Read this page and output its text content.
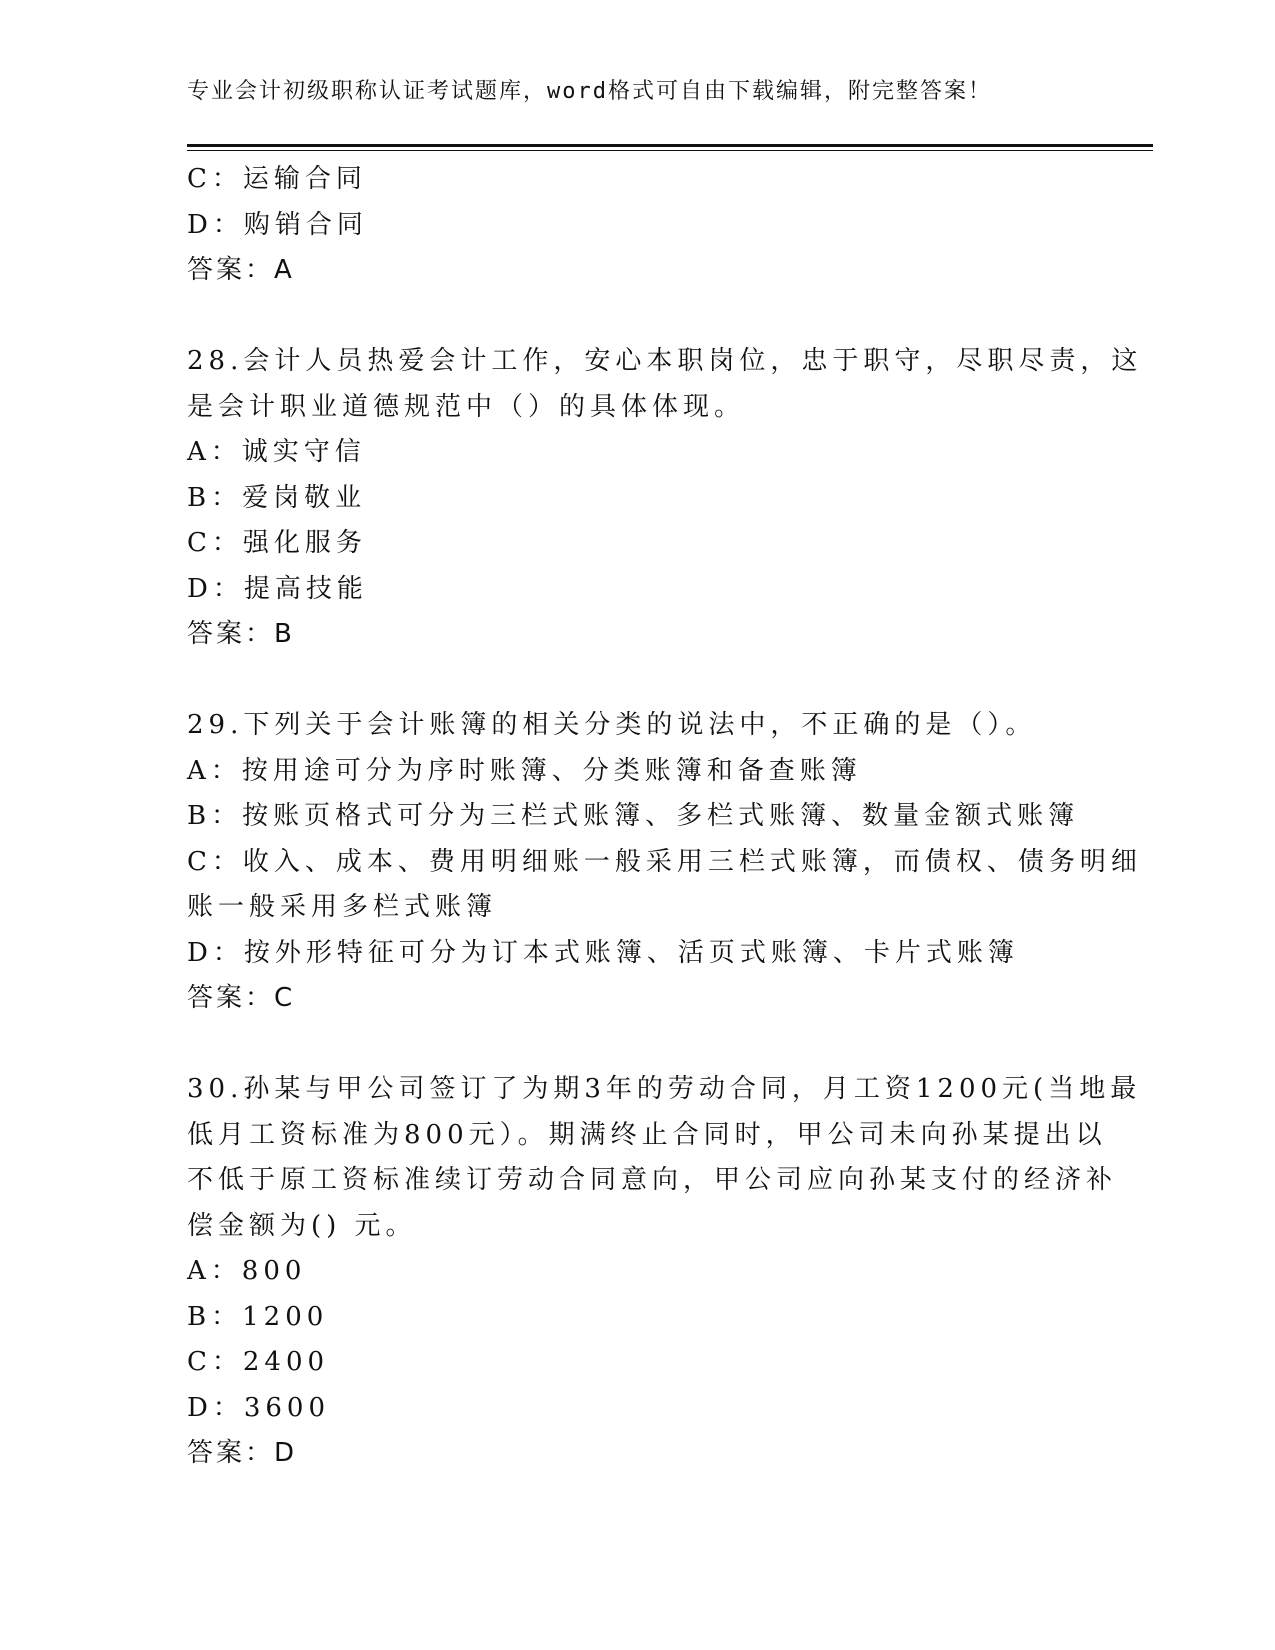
专业会计初级职称认证考试题库，word格式可自由下载编辑，附完整答案！
C：运输合同
D：购销合同
答案：A
28.会计人员热爱会计工作，安心本职岗位，忠于职守，尽职尽责，这
是会计职业道德规范中（）的具体体现。
A：诚实守信
B：爱岗敬业
C：强化服务
D：提高技能
答案：B
29.下列关于会计账簿的相关分类的说法中，不正确的是（）。
A：按用途可分为序时账簿、分类账簿和备查账簿
B：按账页格式可分为三栏式账簿、多栏式账簿、数量金额式账簿
C：收入、成本、费用明细账一般采用三栏式账簿，而债权、债务明细
账一般采用多栏式账簿
D：按外形特征可分为订本式账簿、活页式账簿、卡片式账簿
答案：C
30.孙某与甲公司签订了为期3年的劳动合同，月工资1200元(当地最
低月工资标准为800元）。期满终止合同时，甲公司未向孙某提出以
不低于原工资标准续订劳动合同意向，甲公司应向孙某支付的经济补
偿金额为() 元。
A：800
B：1200
C：2400
D：3600
答案：D
